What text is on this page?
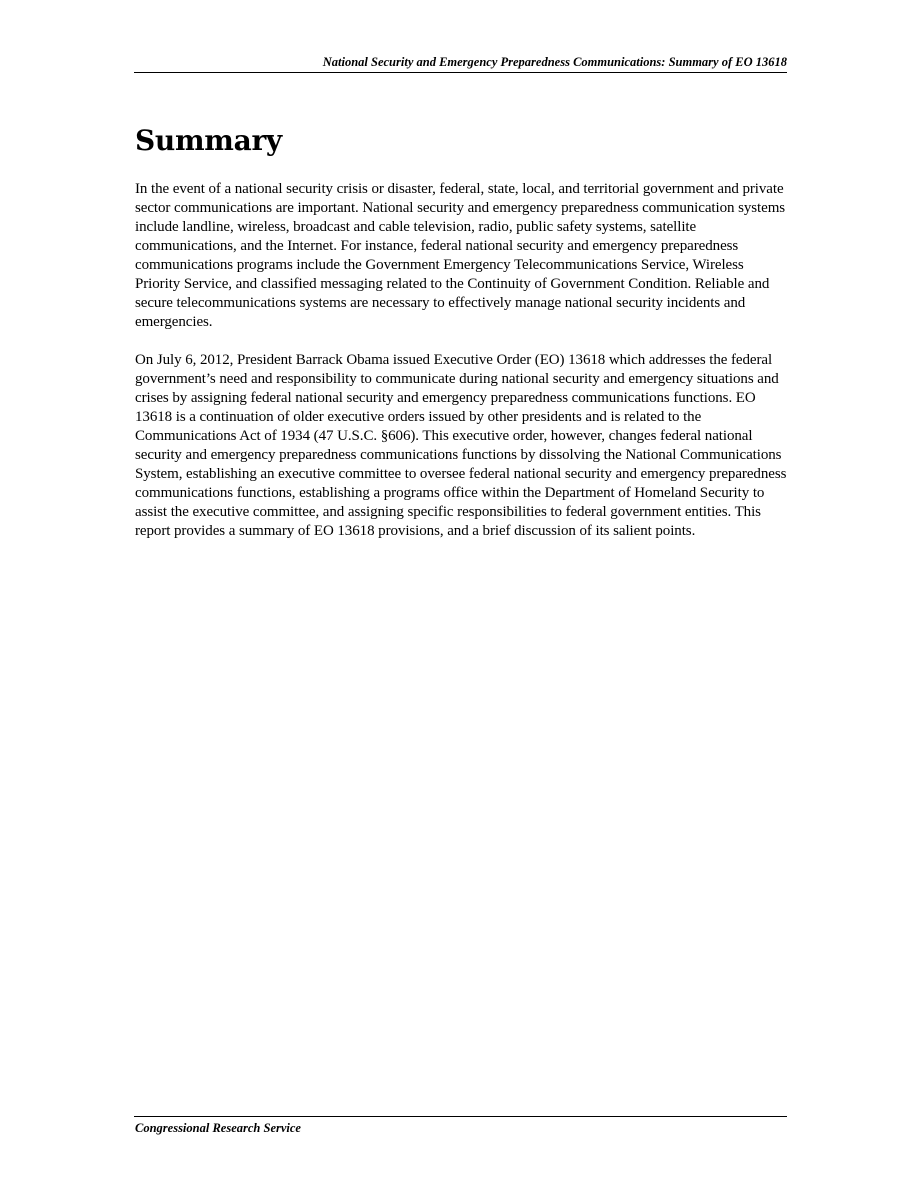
National Security and Emergency Preparedness Communications: Summary of EO 13618
Summary

In the event of a national security crisis or disaster, federal, state, local, and territorial government and private sector communications are important. National security and emergency preparedness communication systems include landline, wireless, broadcast and cable television, radio, public safety systems, satellite communications, and the Internet. For instance, federal national security and emergency preparedness communications programs include the Government Emergency Telecommunications Service, Wireless Priority Service, and classified messaging related to the Continuity of Government Condition. Reliable and secure telecommunications systems are necessary to effectively manage national security incidents and emergencies.

On July 6, 2012, President Barrack Obama issued Executive Order (EO) 13618 which addresses the federal government’s need and responsibility to communicate during national security and emergency situations and crises by assigning federal national security and emergency preparedness communications functions. EO 13618 is a continuation of older executive orders issued by other presidents and is related to the Communications Act of 1934 (47 U.S.C. §606). This executive order, however, changes federal national security and emergency preparedness communications functions by dissolving the National Communications System, establishing an executive committee to oversee federal national security and emergency preparedness communications functions, establishing a programs office within the Department of Homeland Security to assist the executive committee, and assigning specific responsibilities to federal government entities. This report provides a summary of EO 13618 provisions, and a brief discussion of its salient points.

Congressional Research Service
